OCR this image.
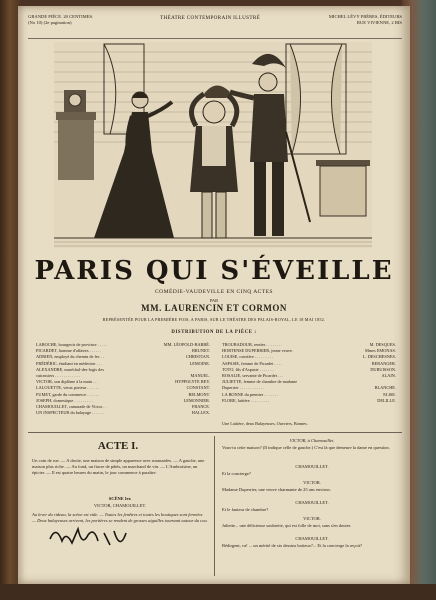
GRANDE PIÈCE. 20 CENTIMES.
(No 10) (2e pagination)
THÉATRE CONTEMPORAIN ILLUSTRÉ	MICHEL LÉVY FRÈRES, ÉDITEURS
RUE VIVIENNE, 2 BIS
PARIS QUI S'ÉVEILLE
COMÉDIE-VAUDEVILLE EN CINQ ACTES
PAR
MM. LAURENCIN ET CORMON
REPRÉSENTÉE POUR LA PREMIÈRE FOIS, A PARIS, SUR LE THÉATRE DES PALAIS-ROYAL, LE 18 MAI 1852.
DISTRIBUTION DE LA PIÈCE :
LABOCHE, bourgeois de province . . . . .	MM. LÉOPOLD-BARRÉ.
PICARDET, homme d'affaires . . . . . .	BRUNET.
ADRIEN, employé du chemin de fer. . .	CHRISTIAN.
FRÉDÉRIC, étudiant en médecine . . .	LEMOINE.
ALEXANDRE, maréchal-des-logis des
cuirassiers . . . . . . . . . . . .	MANUEL.
VICTOR, son diplôme à la main . . .	HYPPOLYTE REY.
LALOUETTE, vieux porteur . . . . . .	CONSTANT.
FUMET, garde du commerce . . . . . .	BELMONT.
JOSEPH, domestique . . . . . . . . .	LEMONNIER.
CHAMOUILLET, camarade de Victor . .	FRANCE.
UN INSPECTEUR du balayage . . . . . .	HALLEX.
TROUBADOUR, rentier . . . . . . . .	M. DESQUES.
HORTENSE DUPERRIER, jeune veuve.	Mmes EMONAS.
LOUISE, ouvrière . . . . . . . . .	L. DESCHESNES.
ASPASIE, femme de Picardet . . . .	BERANGER.
TOTO, fils d'Aspasie . . . . . . .	DUBUISSON.
ROSALIE, servante de Picardet . . .	ALAIN.
JULIETTE, femme de chambre de madame
Duperrier . . . . . . . . . . . .	BLANCHE.
LA BONNE du premier . . . . . . .	ELISE.
FLORE, laitière . . . . . . . . .	DELILLE.
Une Laitière, deux Balayeuses, Ouvriers, Bonnes.
ACTE I.
Un coin de rue. — A droite, une maison de simple apparence avec mansardes. — A gauche, une maison plus riche. — Au fond, un fiacre de pâtés, un marchand de vin. — L'Ambroisine, un épicier. — Il est quatre heures du matin, le jour commence à paraître.
SCÈNE Ier.
VICTOR, CHAMOUILLET.
Au lever du rideau, la scène est vide. — Toutes les fenêtres et toutes les boutiques sont fermées. — Deux balayeuses arrivent, les portières se rendent de grosses aiguilles tournant autour du cou.
VICTOR, à Chamouillet.
Vous-tu cette maison? (Il indique celle de gauche.) C'est là que demeure la dame en question.
CHAMOUILLET.
Et la concierge?
VICTOR.
Madame Duperrier, une veuve charmante de 25 ans environ.
CHAMOUILLET.
Et le fauteur de chambre?
VICTOR.
Juliette... une délicieuse soubrette, qui est folle de moi, sans s'en douter.
CHAMOUILLET.
Bédirgent, va! ... un mérité de six dessins boiteux?... Et la concierge la reçoit?
